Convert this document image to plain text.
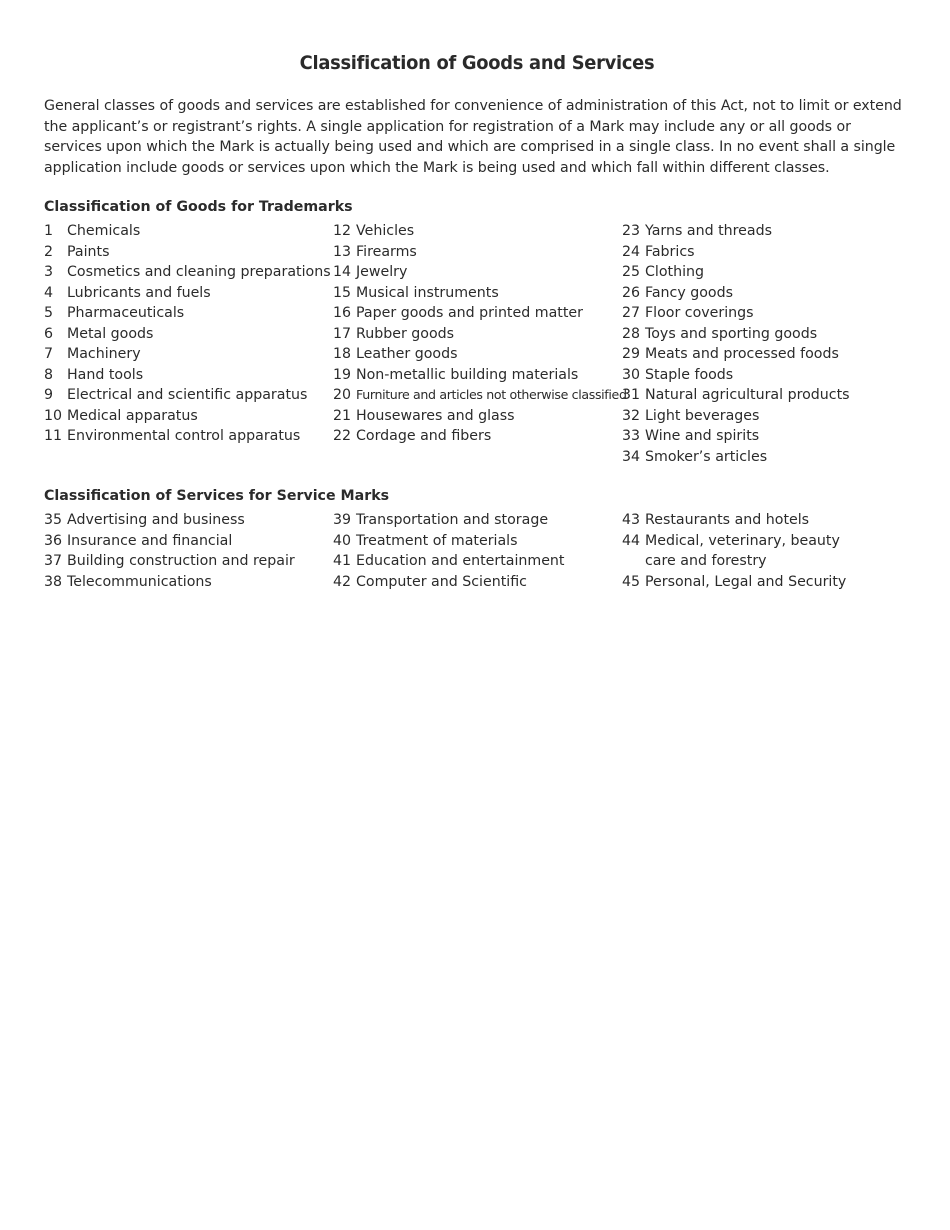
Classification of Goods and Services

General classes of goods and services are established for convenience of administration of this Act, not to limit or extend the applicant’s or registrant’s rights. A single application for registration of a Mark may include any or all goods or services upon which the Mark is actually being used and which are comprised in a single class. In no event shall a single application include goods or services upon which the Mark is being used and which fall within different classes.

Classification of Goods for Trademarks
1 Chemicals
2 Paints
3 Cosmetics and cleaning preparations
4 Lubricants and fuels
5 Pharmaceuticals
6 Metal goods
7 Machinery
8 Hand tools
9 Electrical and scientific apparatus
10 Medical apparatus
11 Environmental control apparatus
12 Vehicles
13 Firearms
14 Jewelry
15 Musical instruments
16 Paper goods and printed matter
17 Rubber goods
18 Leather goods
19 Non-metallic building materials
20 Furniture and articles not otherwise classified
21 Housewares and glass
22 Cordage and fibers
23 Yarns and threads
24 Fabrics
25 Clothing
26 Fancy goods
27 Floor coverings
28 Toys and sporting goods
29 Meats and processed foods
30 Staple foods
31 Natural agricultural products
32 Light beverages
33 Wine and spirits
34 Smoker’s articles
Classification of Services for Service Marks
35 Advertising and business
36 Insurance and financial
37 Building construction and repair
38 Telecommunications
39 Transportation and storage
40 Treatment of materials
41 Education and entertainment
42 Computer and Scientific
43 Restaurants and hotels
44 Medical, veterinary, beauty care and forestry
45 Personal, Legal and Security
